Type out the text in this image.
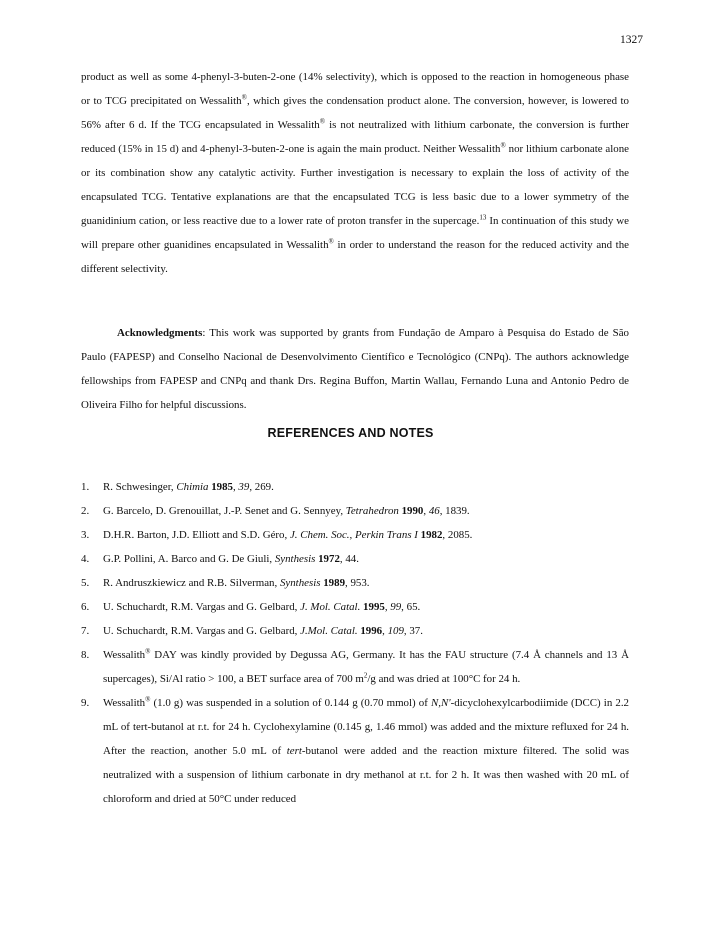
1327

product as well as some 4-phenyl-3-buten-2-one (14% selectivity), which is opposed to the reaction in homogeneous phase or to TCG precipitated on Wessalith®, which gives the condensation product alone. The conversion, however, is lowered to 56% after 6 d. If the TCG encapsulated in Wessalith® is not neutralized with lithium carbonate, the conversion is further reduced (15% in 15 d) and 4-phenyl-3-buten-2-one is again the main product. Neither Wessalith® nor lithium carbonate alone or its combination show any catalytic activity. Further investigation is necessary to explain the loss of activity of the encapsulated TCG. Tentative explanations are that the encapsulated TCG is less basic due to a lower symmetry of the guanidinium cation, or less reactive due to a lower rate of proton transfer in the supercage.$^{13}$ In continuation of this study we will prepare other guanidines encapsulated in Wessalith® in order to understand the reason for the reduced activity and the different selectivity.

Acknowledgments: This work was supported by grants from Fundação de Amparo à Pesquisa do Estado de São Paulo (FAPESP) and Conselho Nacional de Desenvolvimento Científico e Tecnológico (CNPq). The authors acknowledge fellowships from FAPESP and CNPq and thank Drs. Regina Buffon, Martin Wallau, Fernando Luna and Antonio Pedro de Oliveira Filho for helpful discussions.

REFERENCES AND NOTES
1. R. Schwesinger, Chimia 1985, 39, 269.
2. G. Barcelo, D. Grenouillat, J.-P. Senet and G. Sennyey, Tetrahedron 1990, 46, 1839.
3. D.H.R. Barton, J.D. Elliott and S.D. Géro, J. Chem. Soc., Perkin Trans I 1982, 2085.
4. G.P. Pollini, A. Barco and G. De Giuli, Synthesis 1972, 44.
5. R. Andruszkiewicz and R.B. Silverman, Synthesis 1989, 953.
6. U. Schuchardt, R.M. Vargas and G. Gelbard, J. Mol. Catal. 1995, 99, 65.
7. U. Schuchardt, R.M. Vargas and G. Gelbard, J.Mol. Catal. 1996, 109, 37.
8. Wessalith® DAY was kindly provided by Degussa AG, Germany. It has the FAU structure (7.4 Å channels and 13 Å supercages), Si/Al ratio > 100, a BET surface area of 700 $m^2/g$ and was dried at 100°C for 24 h.
9. Wessalith® (1.0 g) was suspended in a solution of 0.144 g (0.70 mmol) of N,N'-dicyclohexylcarbodiimide (DCC) in 2.2 mL of tert-butanol at r.t. for 24 h. Cyclohexylamine (0.145 g, 1.46 mmol) was added and the mixture refluxed for 24 h. After the reaction, another 5.0 mL of tert-butanol were added and the reaction mixture filtered. The solid was neutralized with a suspension of lithium carbonate in dry methanol at r.t. for 2 h. It was then washed with 20 mL of chloroform and dried at 50°C under reduced
